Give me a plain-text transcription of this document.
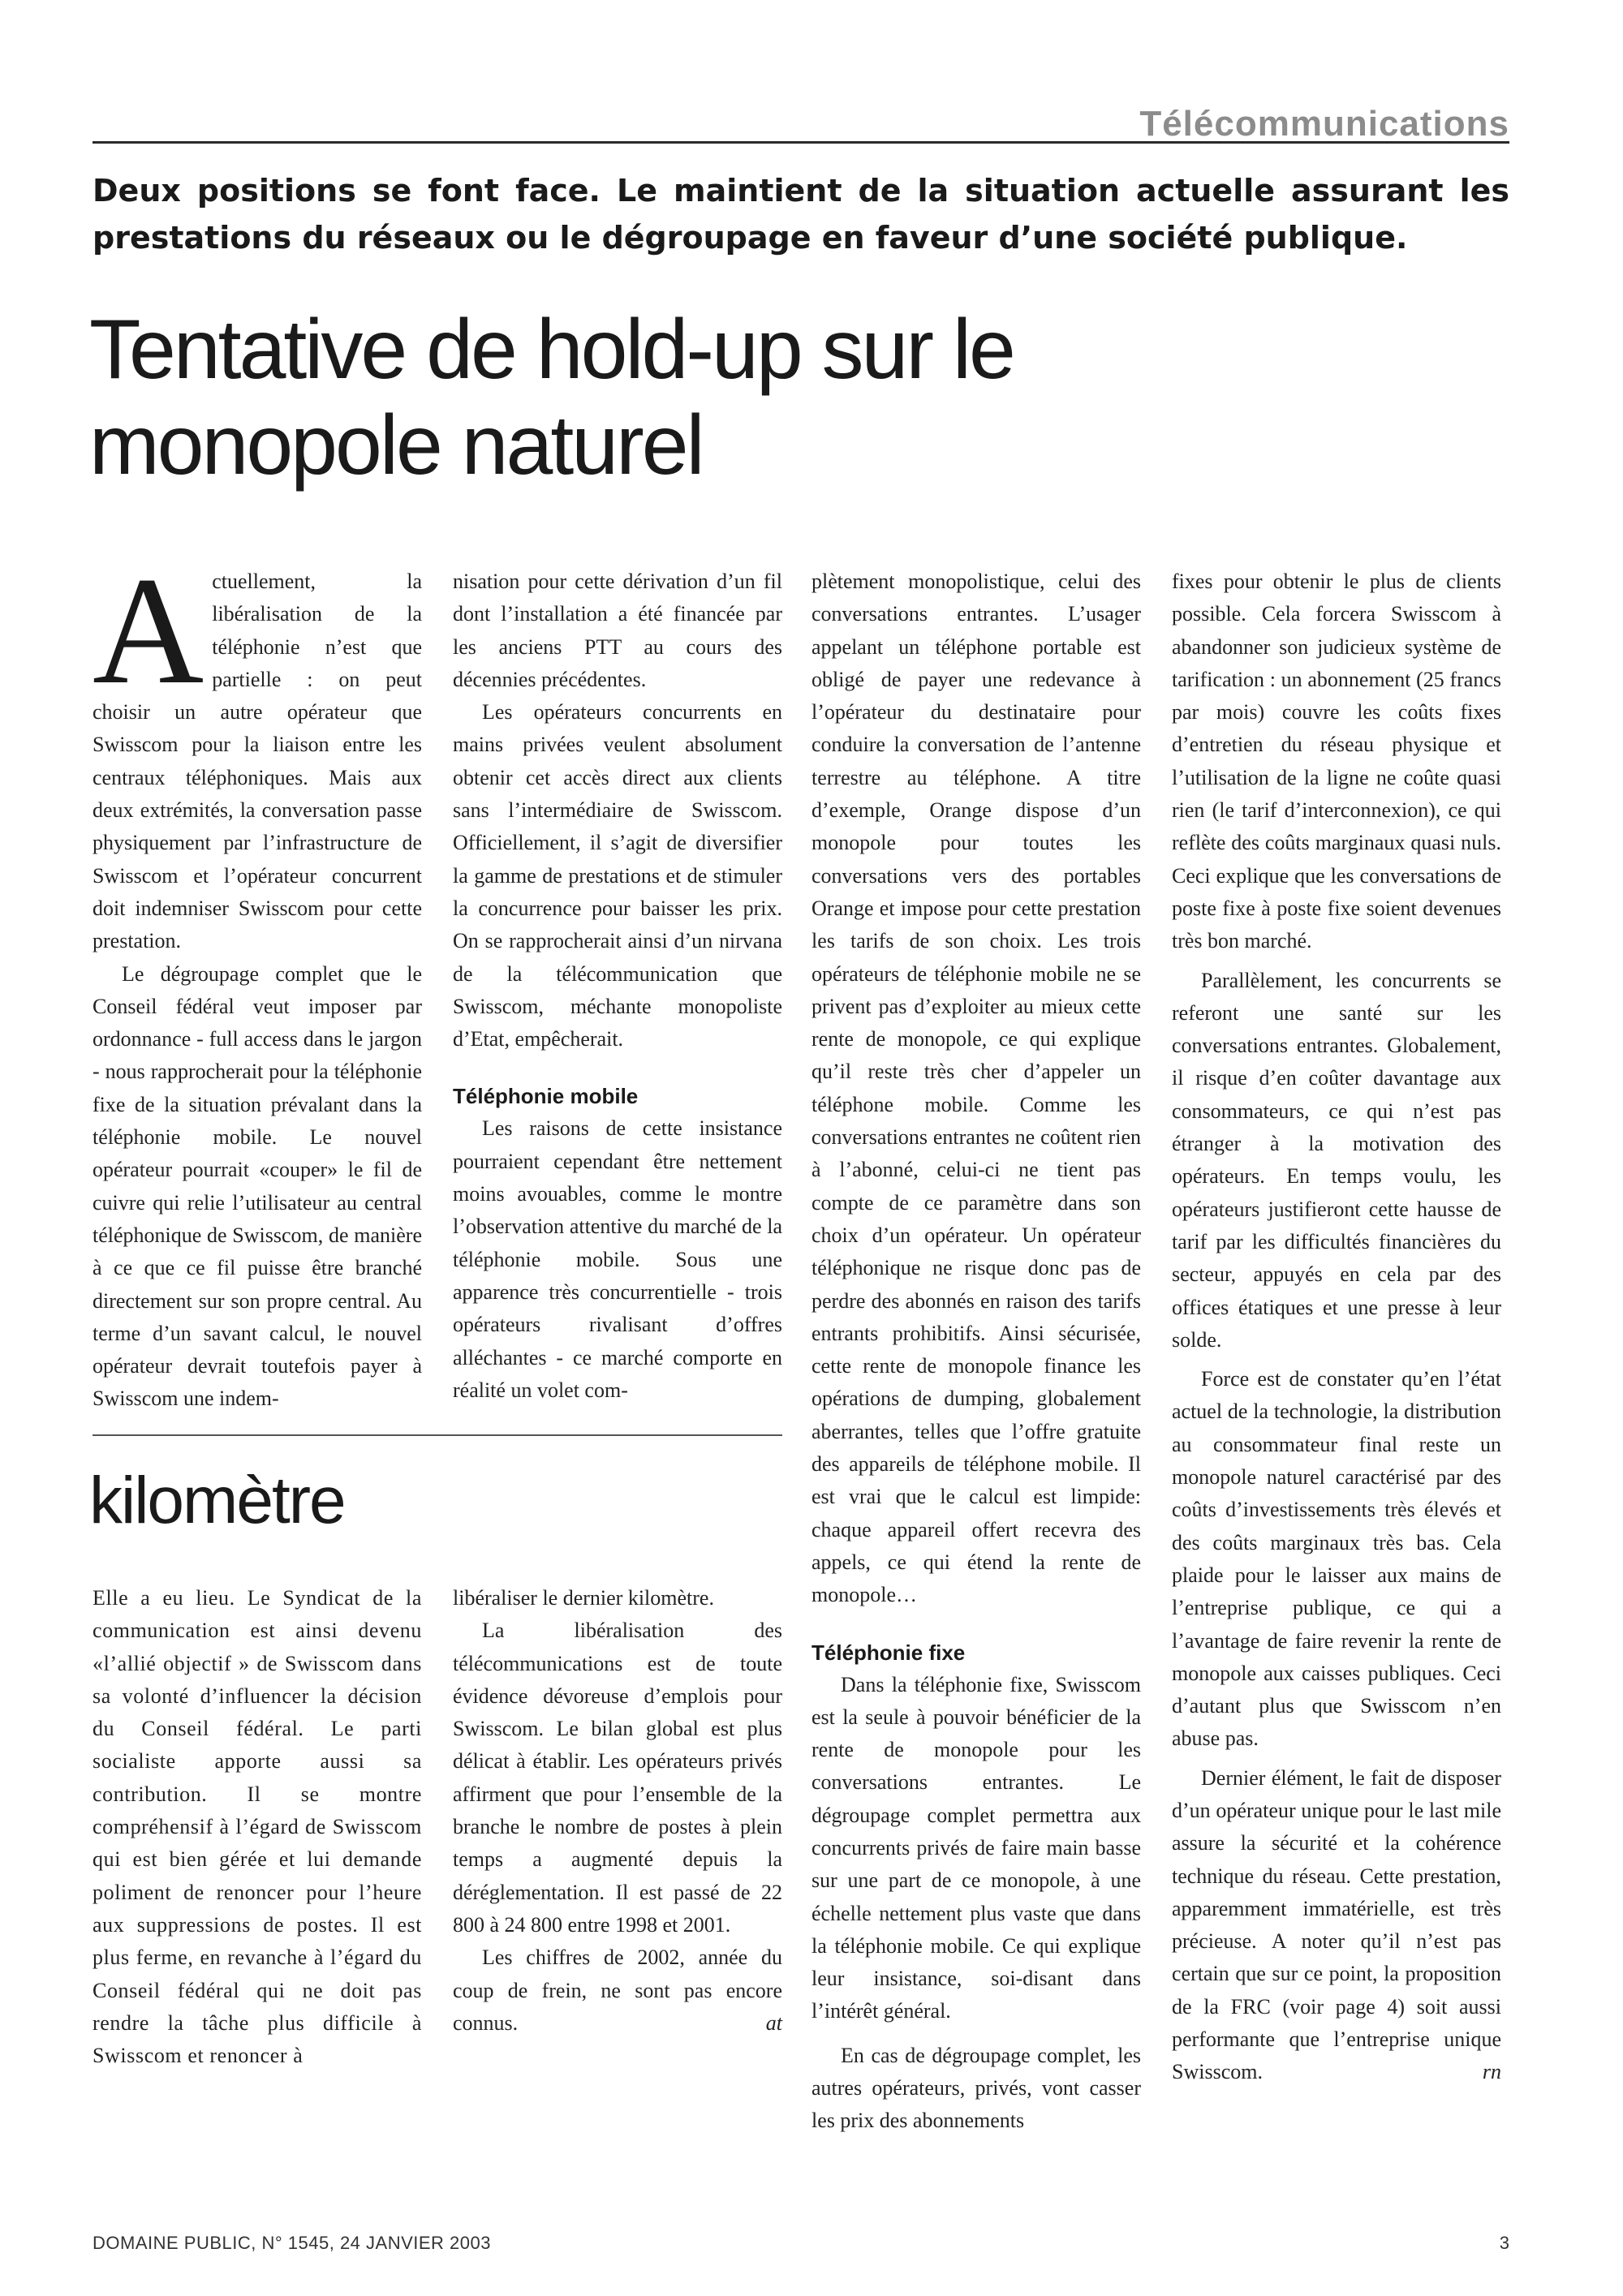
Télécommunications
Deux positions se font face. Le maintient de la situation actuelle assurant les prestations du réseaux ou le dégroupage en faveur d’une société publique.
Tentative de hold-up sur le monopole naturel
A ctuellement, la libéralisation de la téléphonie n’est que partielle : on peut choisir un autre opérateur que Swisscom pour la liaison entre les centraux téléphoniques. Mais aux deux extrémités, la conversation passe physiquement par l’infrastructure de Swisscom et l’opérateur concurrent doit indemniser Swisscom pour cette prestation.

Le dégroupage complet que le Conseil fédéral veut imposer par ordonnance - full access dans le jargon - nous rapprocherait pour la téléphonie fixe de la situation prévalant dans la téléphonie mobile. Le nouvel opérateur pourrait «couper» le fil de cuivre qui relie l’utilisateur au central téléphonique de Swisscom, de manière à ce que ce fil puisse être branché directement sur son propre central. Au terme d’un savant calcul, le nouvel opérateur devrait toutefois payer à Swisscom une indem-

nisation pour cette dérivation d’un fil dont l’installation a été financée par les anciens PTT au cours des décennies précédentes.

Les opérateurs concurrents en mains privées veulent absolument obtenir cet accès direct aux clients sans l’intermédiaire de Swisscom. Officiellement, il s’agit de diversifier la gamme de prestations et de stimuler la concurrence pour baisser les prix. On se rapprocherait ainsi d’un nirvana de la télécommunication que Swisscom, méchante monopoliste d’Etat, empêcherait.

Téléphonie mobile

Les raisons de cette insistance pourraient cependant être nettement moins avouables, comme le montre l’observation attentive du marché de la téléphonie mobile. Sous une apparence très concurrentielle - trois opérateurs rivalisant d’offres alléchantes - ce marché comporte en réalité un volet com-

plètement monopolistique, celui des conversations entrantes. L’usager appelant un téléphone portable est obligé de payer une redevance à l’opérateur du destinataire pour conduire la conversation de l’antenne terrestre au téléphone. A titre d’exemple, Orange dispose d’un monopole pour toutes les conversations vers des portables Orange et impose pour cette prestation les tarifs de son choix. Les trois opérateurs de téléphonie mobile ne se privent pas d’exploiter au mieux cette rente de monopole, ce qui explique qu’il reste très cher d’appeler un téléphone mobile. Comme les conversations entrantes ne coûtent rien à l’abonné, celui-ci ne tient pas compte de ce paramètre dans son choix d’un opérateur. Un opérateur téléphonique ne risque donc pas de perdre des abonnés en raison des tarifs entrants prohibitifs. Ainsi sécurisée, cette rente de monopole finance les opérations de dumping, globalement aberrantes, telles que l’offre gratuite des appareils de téléphone mobile. Il est vrai que le calcul est limpide: chaque appareil offert recevra des appels, ce qui étend la rente de monopole…

Téléphonie fixe

Dans la téléphonie fixe, Swisscom est la seule à pouvoir bénéficier de la rente de monopole pour les conversations entrantes. Le dégroupage complet permettra aux concurrents privés de faire main basse sur une part de ce monopole, à une échelle nettement plus vaste que dans la téléphonie mobile. Ce qui explique leur insistance, soi-disant dans l’intérêt général.

En cas de dégroupage complet, les autres opérateurs, privés, vont casser les prix des abonnements

fixes pour obtenir le plus de clients possible. Cela forcera Swisscom à abandonner son judicieux système de tarification : un abonnement (25 francs par mois) couvre les coûts fixes d’entretien du réseau physique et l’utilisation de la ligne ne coûte quasi rien (le tarif d’interconnexion), ce qui reflète des coûts marginaux quasi nuls. Ceci explique que les conversations de poste fixe à poste fixe soient devenues très bon marché.

Parallèlement, les concurrents se referont une santé sur les conversations entrantes. Globalement, il risque d’en coûter davantage aux consommateurs, ce qui n’est pas étranger à la motivation des opérateurs. En temps voulu, les opérateurs justifieront cette hausse de tarif par les difficultés financières du secteur, appuyés en cela par des offices étatiques et une presse à leur solde.

Force est de constater qu’en l’état actuel de la technologie, la distribution au consommateur final reste un monopole naturel caractérisé par des coûts d’investissements très élevés et des coûts marginaux très bas. Cela plaide pour le laisser aux mains de l’entreprise publique, ce qui a l’avantage de faire revenir la rente de monopole aux caisses publiques. Ceci d’autant plus que Swisscom n’en abuse pas.

Dernier élément, le fait de disposer d’un opérateur unique pour le last mile assure la sécurité et la cohérence technique du réseau. Cette prestation, apparemment immatérielle, est très précieuse. A noter qu’il n’est pas certain que sur ce point, la proposition de la FRC (voir page 4) soit aussi performante que l’entreprise unique Swisscom.	rn

kilomètre

Elle a eu lieu. Le Syndicat de la communication est ainsi devenu «l’allié objectif » de Swisscom dans sa volonté d’influencer la décision du Conseil fédéral. Le parti socialiste apporte aussi sa contribution. Il se montre compréhensif à l’égard de Swisscom qui est bien gérée et lui demande poliment de renoncer pour l’heure aux suppressions de postes. Il est plus ferme, en revanche à l’égard du Conseil fédéral qui ne doit pas rendre la tâche plus difficile à Swisscom et renoncer à

libéraliser le dernier kilomètre.

La libéralisation des télécommunications est de toute évidence dévoreuse d’emplois pour Swisscom. Le bilan global est plus délicat à établir. Les opérateurs privés affirment que pour l’ensemble de la branche le nombre de postes à plein temps a augmenté depuis la déréglementation. Il est passé de 22 800 à 24 800 entre 1998 et 2001.

Les chiffres de 2002, année du coup de frein, ne sont pas encore connus.	at

DOMAINE PUBLIC, N° 1545, 24 JANVIER 2003	3
